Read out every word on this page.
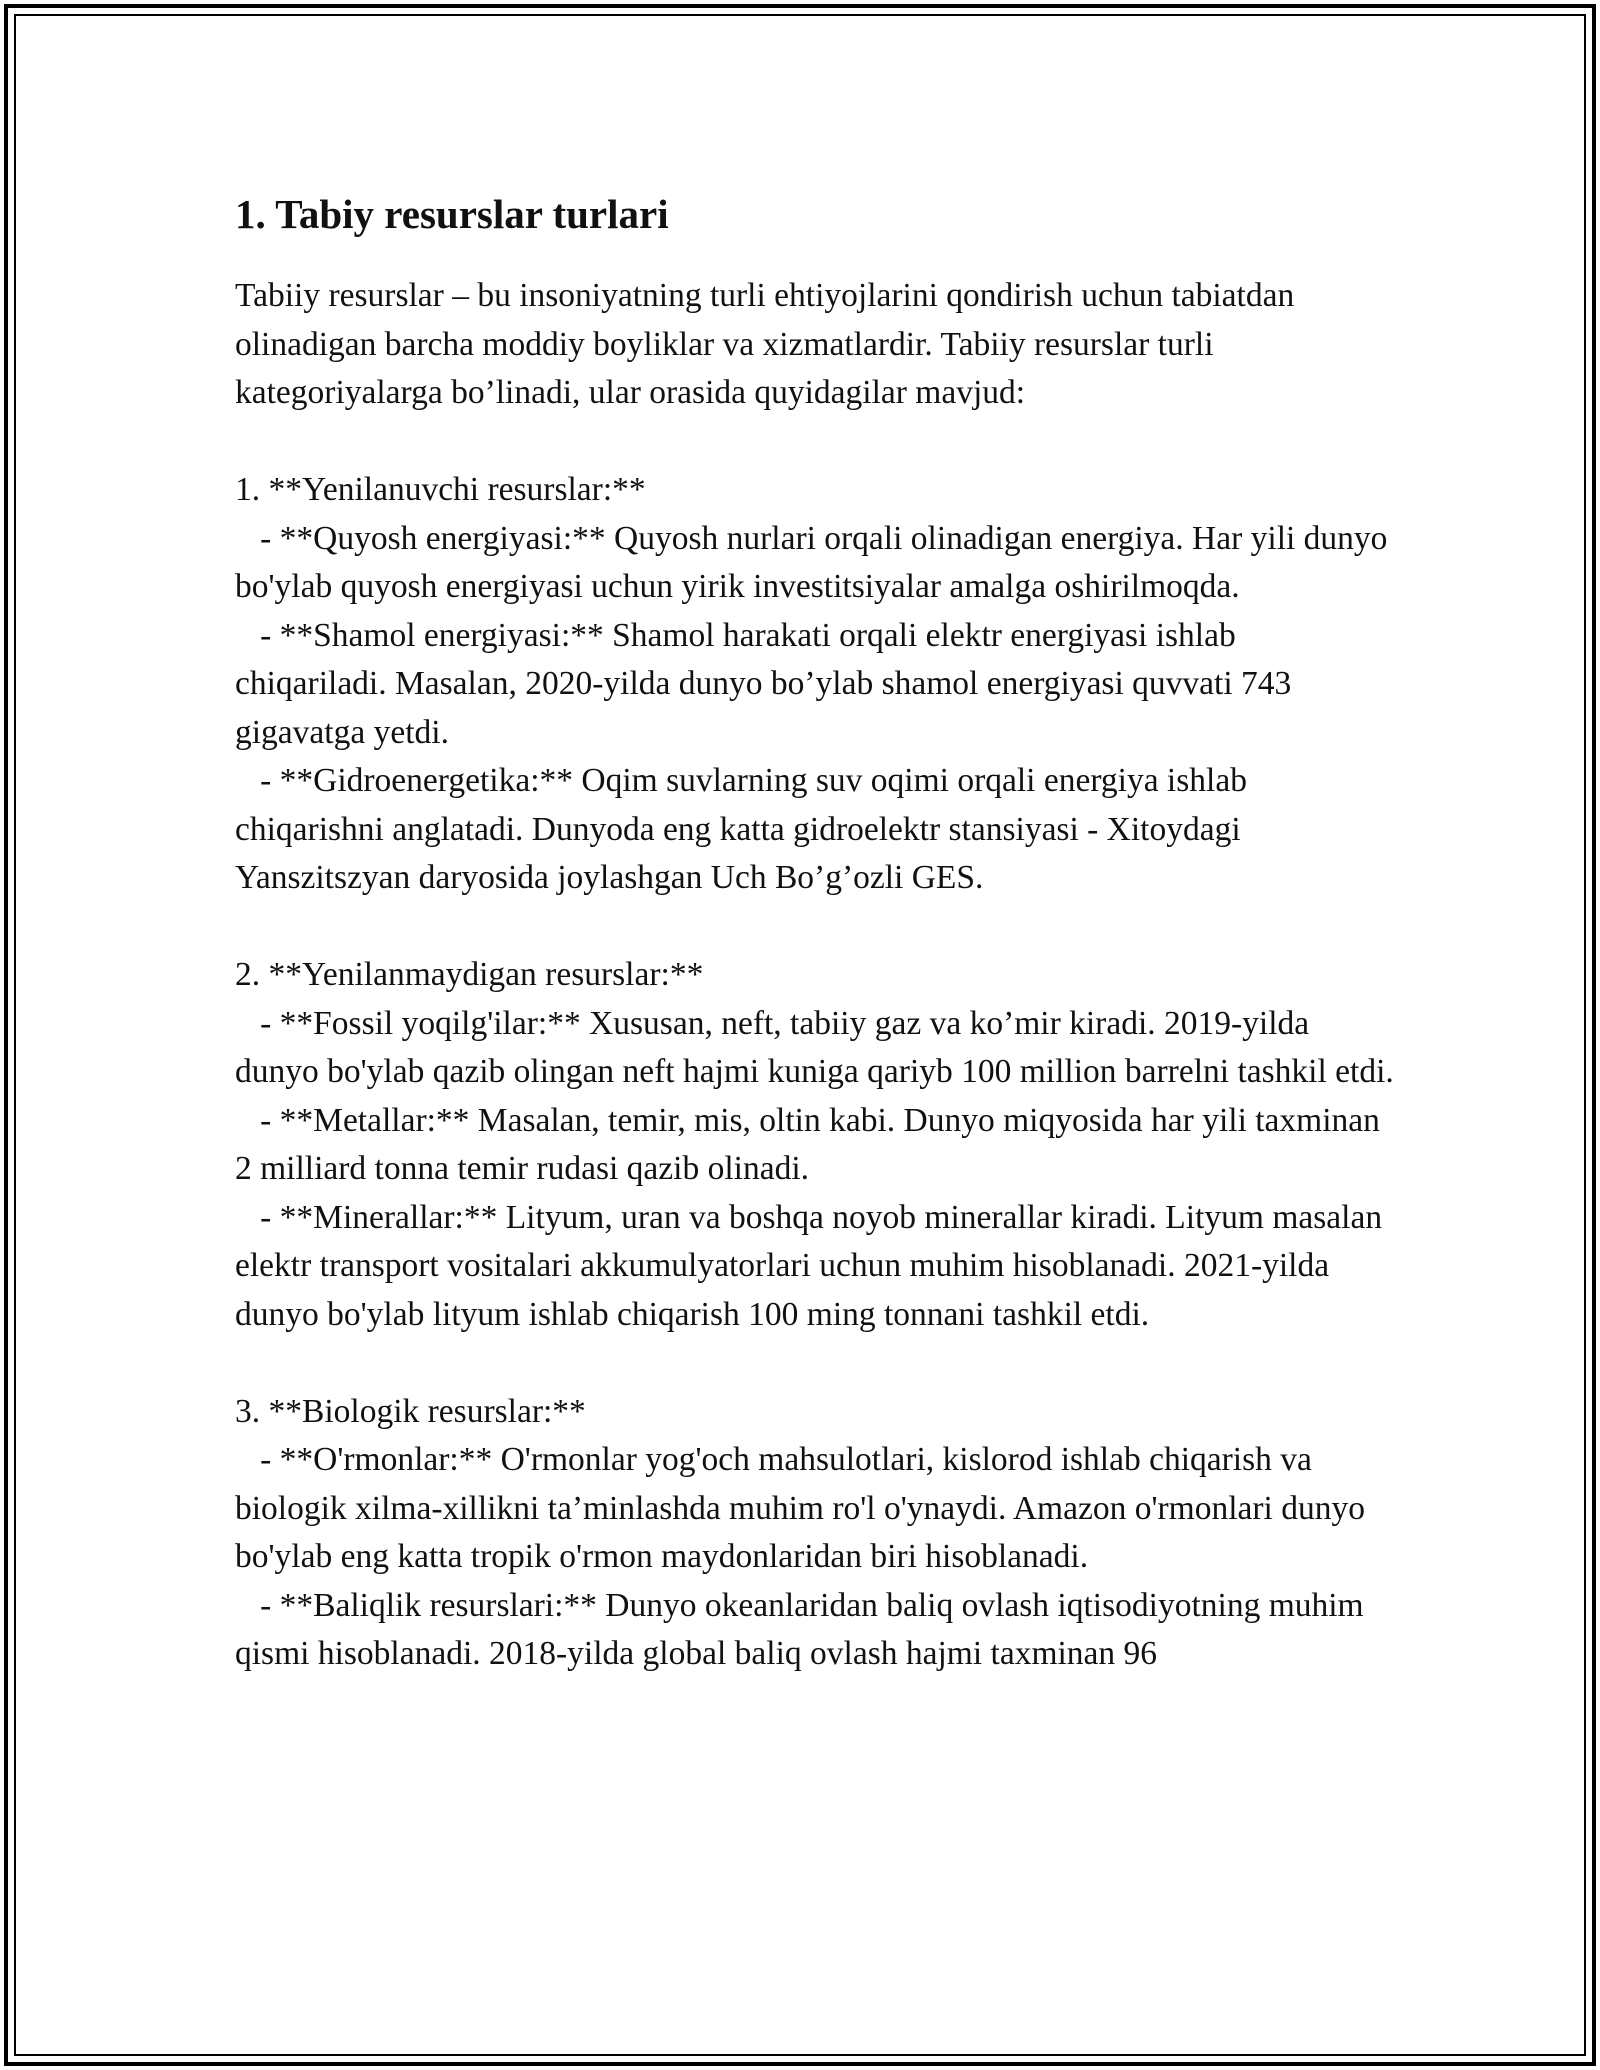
1. Tabiy resurslar turlari

Tabiiy resurslar – bu insoniyatning turli ehtiyojlarini qondirish uchun tabiatdan olinadigan barcha moddiy boyliklar va xizmatlardir. Tabiiy resurslar turli kategoriyalarga bo’linadi, ular orasida quyidagilar mavjud:

1. **Yenilanuvchi resurslar:**

- **Quyosh energiyasi:** Quyosh nurlari orqali olinadigan energiya. Har yili dunyo bo'ylab quyosh energiyasi uchun yirik investitsiyalar amalga oshirilmoqda.

- **Shamol energiyasi:** Shamol harakati orqali elektr energiyasi ishlab chiqariladi. Masalan, 2020-yilda dunyo bo’ylab shamol energiyasi quvvati 743 gigavatga yetdi.

- **Gidroenergetika:** Oqim suvlarning suv oqimi orqali energiya ishlab chiqarishni anglatadi. Dunyoda eng katta gidroelektr stansiyasi - Xitoydagi Yanszitszyan daryosida joylashgan Uch Bo’g’ozli GES.

2. **Yenilanmaydigan resurslar:**

- **Fossil yoqilg'ilar:** Xususan, neft, tabiiy gaz va ko’mir kiradi. 2019-yilda dunyo bo'ylab qazib olingan neft hajmi kuniga qariyb 100 million barrelni tashkil etdi.

- **Metallar:** Masalan, temir, mis, oltin kabi. Dunyo miqyosida har yili taxminan 2 milliard tonna temir rudasi qazib olinadi.

- **Minerallar:** Lityum, uran va boshqa noyob minerallar kiradi. Lityum masalan elektr transport vositalari akkumulyatorlari uchun muhim hisoblanadi. 2021-yilda dunyo bo'ylab lityum ishlab chiqarish 100 ming tonnani tashkil etdi.

3. **Biologik resurslar:**

- **O'rmonlar:** O'rmonlar yog'och mahsulotlari, kislorod ishlab chiqarish va biologik xilma-xillikni ta’minlashda muhim ro'l o'ynaydi. Amazon o'rmonlari dunyo bo'ylab eng katta tropik o'rmon maydonlaridan biri hisoblanadi.

- **Baliqlik resurslari:** Dunyo okeanlaridan baliq ovlash iqtisodiyotning muhim qismi hisoblanadi. 2018-yilda global baliq ovlash hajmi taxminan 96
